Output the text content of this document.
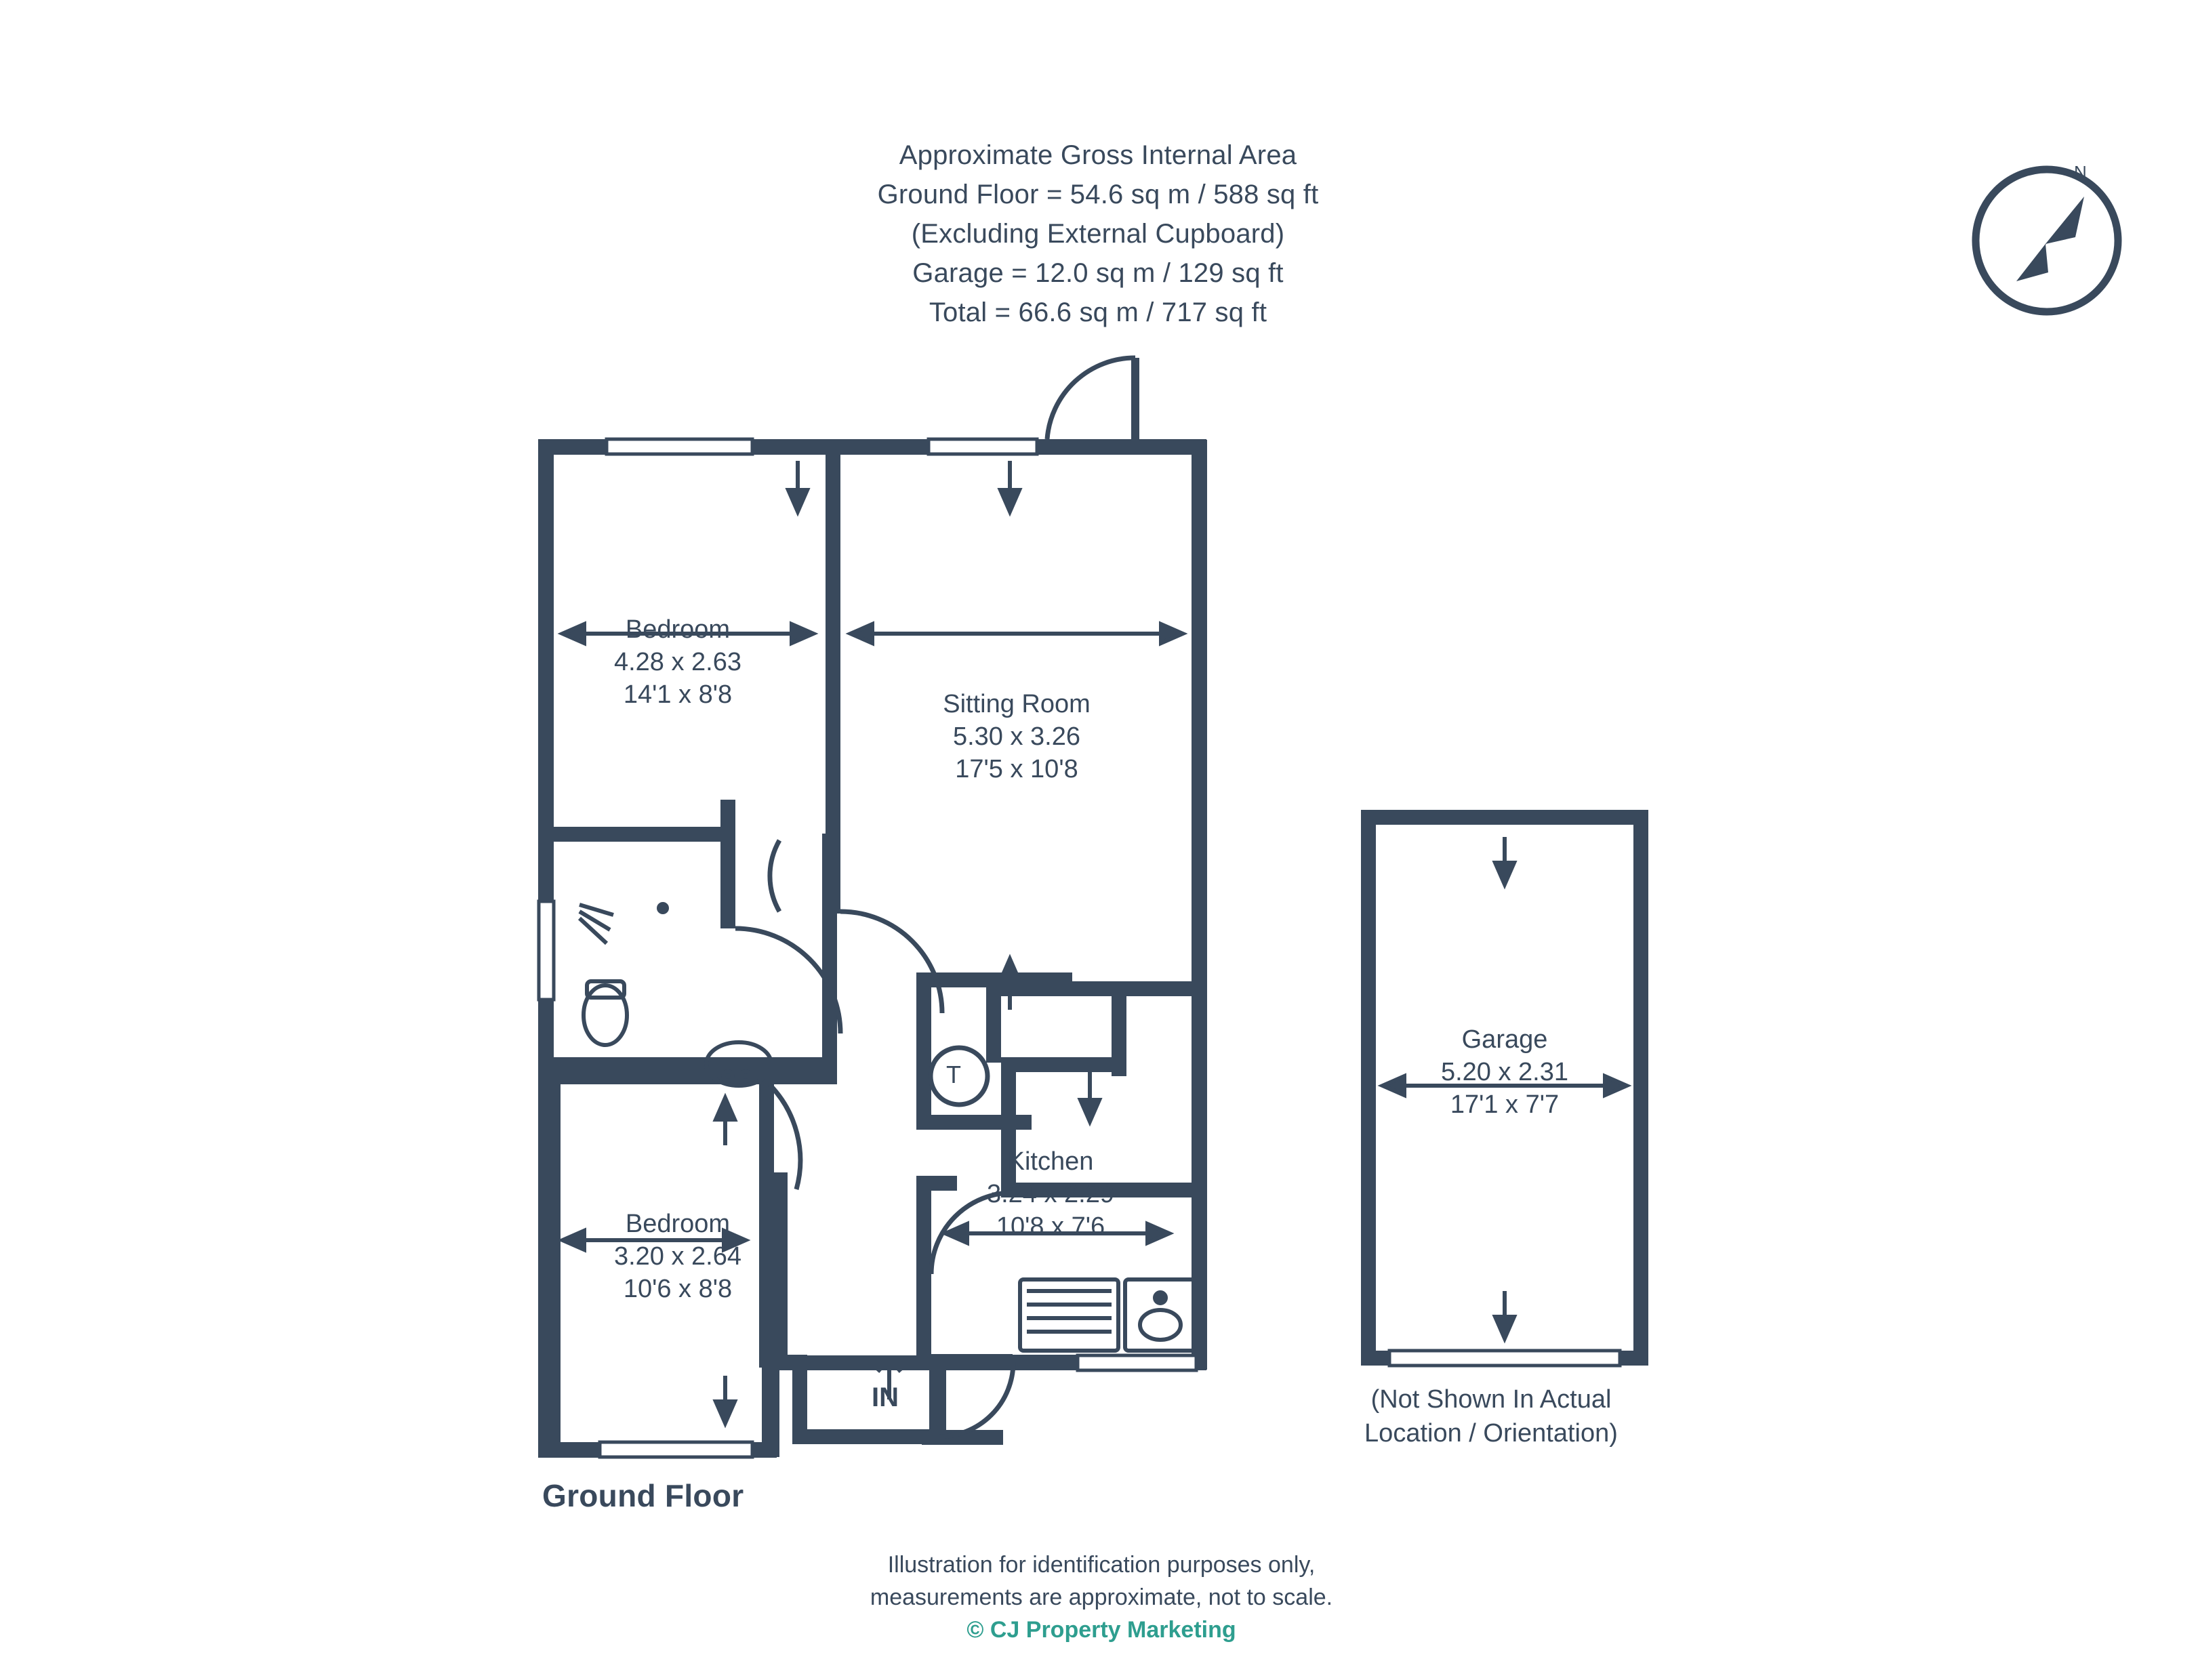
Approximate Gross Internal Area
Ground Floor = 54.6 sq m / 588 sq ft
(Excluding External Cupboard)
Garage = 12.0 sq m / 129 sq ft
Total = 66.6 sq m / 717 sq ft
N
Bedroom
4.28 x 2.63
14'1 x 8'8	Sitting Room
5.30 x 3.26
17'5 x 10'8
Bedroom
3.20 x 2.64
10'6 x 8'8
Kitchen
3.24 x 2.29
10'8 x 7'6
Garage
5.20 x 2.31
17'1 x 7'7
T
IN
Ground Floor
(Not Shown In Actual
Location / Orientation)
Illustration for identification purposes only,
measurements are approximate, not to scale.
© CJ Property Marketing
